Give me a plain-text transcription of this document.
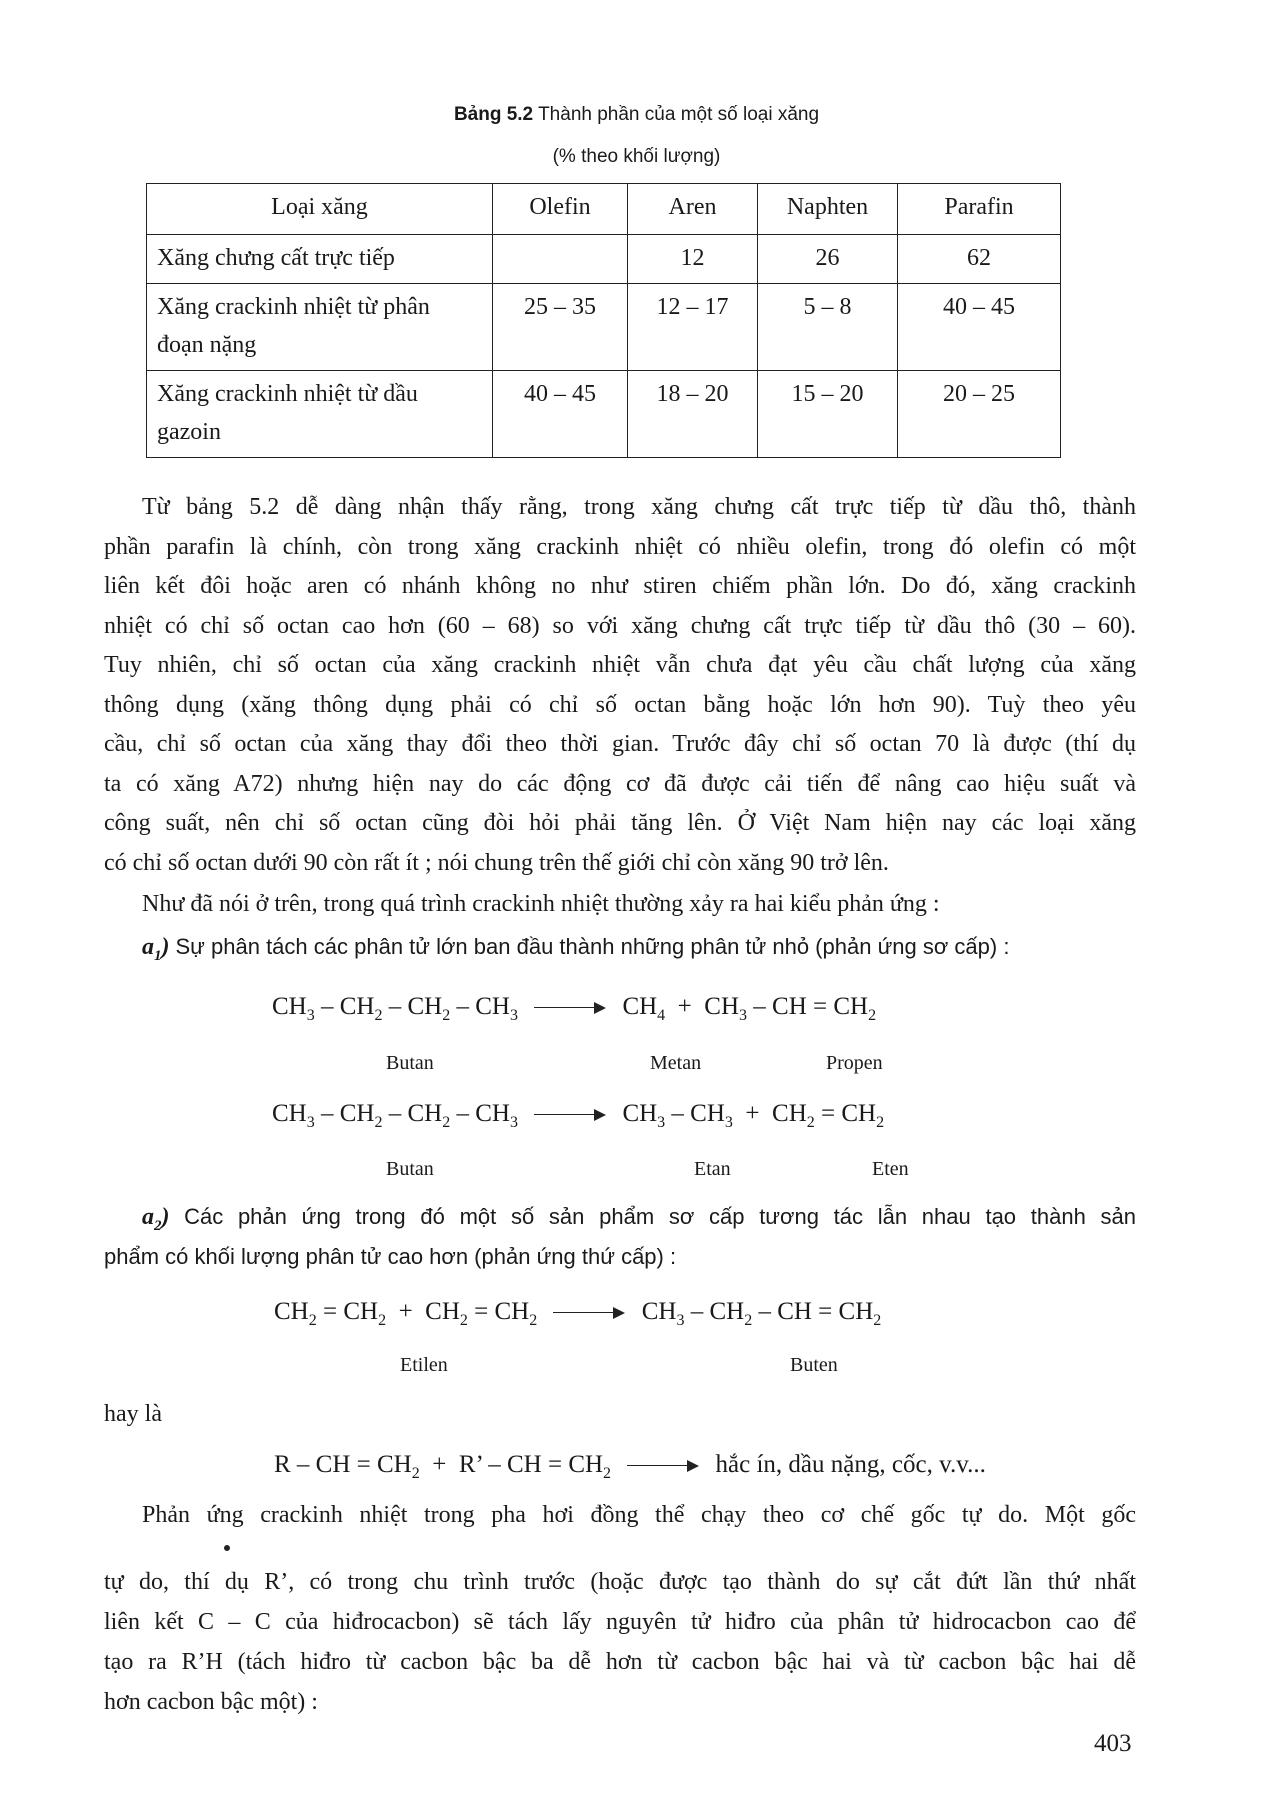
Bảng 5.2 Thành phần của một số loại xăng
(% theo khối lượng)
Loại xăng	Olefin	Aren	Naphten	Parafin
Xăng chưng cất trực tiếp		12	26	62
Xăng crackinh nhiệt từ phân đoạn nặng	25 – 35	12 – 17	5 – 8	40 – 45
Xăng crackinh nhiệt từ dầu gazoin	40 – 45	18 – 20	15 – 20	20 – 25
Từ bảng 5.2 dễ dàng nhận thấy rằng, trong xăng chưng cất trực tiếp từ dầu thô, thành
phần parafin là chính, còn trong xăng crackinh nhiệt có nhiều olefin, trong đó olefin có một
liên kết đôi hoặc aren có nhánh không no như stiren chiếm phần lớn. Do đó, xăng crackinh
nhiệt có chỉ số octan cao hơn (60 – 68) so với xăng chưng cất trực tiếp từ dầu thô (30 – 60).
Tuy nhiên, chỉ số octan của xăng crackinh nhiệt vẫn chưa đạt yêu cầu chất lượng của xăng
thông dụng (xăng thông dụng phải có chỉ số octan bằng hoặc lớn hơn 90). Tuỳ theo yêu
cầu, chỉ số octan của xăng thay đổi theo thời gian. Trước đây chỉ số octan 70 là được (thí dụ
ta có xăng A72) nhưng hiện nay do các động cơ đã được cải tiến để nâng cao hiệu suất và
công suất, nên chỉ số octan cũng đòi hỏi phải tăng lên. Ở Việt Nam hiện nay các loại xăng
có chỉ số octan dưới 90 còn rất ít ; nói chung trên thế giới chỉ còn xăng 90 trở lên.
Như đã nói ở trên, trong quá trình crackinh nhiệt thường xảy ra hai kiểu phản ứng :
$a_1$) Sự phân tách các phân tử lớn ban đầu thành những phân tử nhỏ (phản ứng sơ cấp) :
$CH_3 - CH_2 - CH_2 - CH_3$	$CH_4 + CH_3$ – CH = $CH_2$
Butan	Metan	Propen
$CH_3 - CH_2 - CH_2 - CH_3$	$CH_3 - CH_3 + CH_2 = CH_2$
Butan	Etan	Eten
$a_2$) Các phản ứng trong đó một số sản phẩm sơ cấp tương tác lẫn nhau tạo thành sản
phẩm có khối lượng phân tử cao hơn (phản ứng thứ cấp) :
$CH_2 = CH_2 + CH_2 = CH_2$	$CH_3 - CH_2$ – CH = $CH_2$
Etilen	Buten
hay là
R – CH = $CH_2 + R$’ – CH = $CH_2$	hắc ín, dầu nặng, cốc, v.v...
Phản ứng crackinh nhiệt trong pha hơi đồng thể chạy theo cơ chế gốc tự do. Một gốc
tự do, thí dụ R’, có trong chu trình trước (hoặc được tạo thành do sự cắt đứt lần thứ nhất
liên kết C – C của hiđrocacbon) sẽ tách lấy nguyên tử hiđro của phân tử hidrocacbon cao để
tạo ra R’H (tách hiđro từ cacbon bậc ba dễ hơn từ cacbon bậc hai và từ cacbon bậc hai dễ
hơn cacbon bậc một) :
403
